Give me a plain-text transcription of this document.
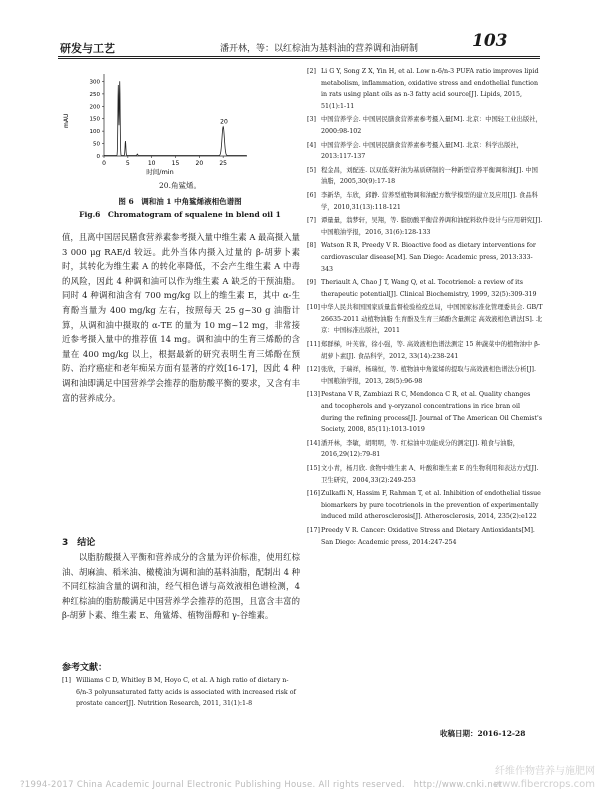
研发与工艺	潘开林，等：以红棕油为基料油的营养调和油研制	103
0
50
100
150
200
250
300
0	5	10	15	20	25
20
mAU
时间/min
20.角鲨烯。
图 6　调和油 1 中角鲨烯液相色谱图
Fig.6　Chromatogram of squalene in blend oil 1

值，且离中国居民膳食营养素参考摄入量中维生素 A 最高摄入量 3 000 μg RAE/d 较远。此外当体内摄入过量的 β-胡萝卜素时，其转化为维生素 A 的转化率降低，不会产生维生素 A 中毒的风险，因此 4 种调和油可以作为维生素 A 缺乏的干预油脂。同时 4 种调和油含有 700 mg/kg 以上的维生素 E，其中 α-生育酚当量为 400 mg/kg 左右，按照每天 25 g~30 g 油脂计算，从调和油中摄取的 α-TE 的量为 10 mg~12 mg，非常接近参考摄入量中的推荐值 14 mg。调和油中的生育三烯酚的含量在 400 mg/kg 以上，根据最新的研究表明生育三烯酚在预防、治疗癌症和老年痴呆方面有显著的疗效[16-17]，因此 4 种调和油即满足中国营养学会推荐的脂肪酸平衡的要求，又含有丰富的营养成分。

3　结论

以脂肪酸摄入平衡和营养成分的含量为评价标准，使用红棕油、胡麻油、稻米油、橄榄油为调和油的基料油脂，配制出 4 种不同红棕油含量的调和油，经气相色谱与高效液相色谱检测，4 种红棕油的脂肪酸满足中国营养学会推荐的范围，且富含丰富的 β-胡萝卜素、维生素 E、角鲨烯、植物甾醇和 γ-谷维素。

参考文献：
[1] Williams C D, Whitley B M, Hoyo C, et al. A high ratio of dietary n-6/n-3 polyunsaturated fatty acids is associated with increased risk of prostate cancer[J]. Nutrition Research, 2011, 31(1):1-8
[2] Li G Y, Song Z X, Yin H, et al. Low n-6/n-3 PUFA ratio improves lipid metabolism, inflammation, oxidative stress and endothelial function in rats using plant oils as n-3 fatty acid source[J]. Lipids, 2015, 51(1):1-11
[3] 中国营养学会. 中国居民膳食营养素参考摄入量[M]. 北京：中国轻工业出版社，2000:98-102
[4] 中国营养学会. 中国居民膳食营养素参考摄入量[M]. 北京：科学出版社，2013:117-137
[5] 程金昌，刘配连. 以双低菜籽油为基质研制的一种新型营养平衡调和油[J]. 中国油脂，2005,30(9):17-18
[6] 李新华，车欣，邱静. 营养型植物调和油配方数学模型的建立及应用[J]. 食品科学，2010,31(13):118-121
[7] 谭量量，翁梦轩，吴翔，等. 脂肪酸平衡营养调和油配料软件设计与应用研究[J]. 中国粮油学报，2016, 31(6):128-133
[8] Watson R R, Preedy V R. Bioactive food as dietary interventions for cardiovascular disease[M]. San Diego: Academic press, 2013:333-343
[9] Theriault A, Chao J T, Wang Q, et al. Tocotrienol: a review of its therapeutic potential[J]. Clinical Biochemistry, 1999, 32(5):309-319
[10] 中华人民共和国国家质量监督检验检疫总局，中国国家标准化管理委员会. GB/T 26635-2011 动植物油脂 生育酚及生育三烯酚含量测定 高效液相色谱法[S]. 北京：中国标准出版社，2011
[11] 郑群梯，叶芙蓉，徐小强，等. 高效液相色谱法测定 15 种蔬菜中的植物油中 β-胡萝卜素[J]. 食品科学，2012, 33(14):238-241
[12] 张欣，于瑞祥，杨瑞恒，等. 植物油中角鲨烯的提取与高效液相色谱法分析[J]. 中国粮油学报，2013, 28(5):96-98
[13] Pestana V R, Zambiazi R C, Mendonca C R, et al. Quality changes and tocopherols and γ-oryzanol concentrations in rice bran oil during the refining process[J]. Journal of The American Oil Chemist's Society, 2008, 85(11):1013-1019
[14] 潘开林，李敏，胡明明，等. 红棕油中功能成分的测定[J]. 粮食与油脂，2016,29(12):79-81
[15] 文小青，杨月欣. 食物中维生素 A、叶酸和维生素 E 的生物利用和表达方式[J]. 卫生研究，2004,33(2):249-253
[16] Zulkafli N, Hassim F, Rahman T, et al. Inhibition of endothelial tissue biomarkers by pure tocotrienols in the prevention of experimentally induced mild atherosclerosis[J]. Atherosclerosis, 2014, 235(2):e122
[17] Preedy V R. Cancer: Oxidative Stress and Dietary Antioxidants[M]. San Diego: Academic press, 2014:247-254
收稿日期：2016-12-28
?1994-2017 China Academic Journal Electronic Publishing House. All rights reserved.　http://www.cnki.net
纤维作物营养与施肥网 www.fibercrops.com
